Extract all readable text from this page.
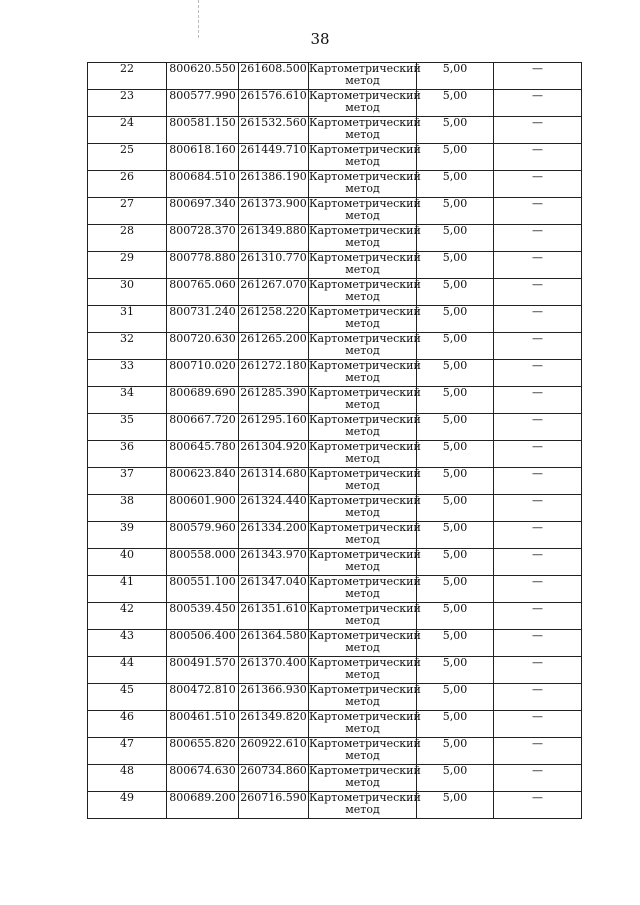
38
22	800620.550	261608.500	Картометрический
метод	5,00	—
23	800577.990	261576.610	Картометрический
метод	5,00	—
24	800581.150	261532.560	Картометрический
метод	5,00	—
25	800618.160	261449.710	Картометрический
метод	5,00	—
26	800684.510	261386.190	Картометрический
метод	5,00	—
27	800697.340	261373.900	Картометрический
метод	5,00	—
28	800728.370	261349.880	Картометрический
метод	5,00	—
29	800778.880	261310.770	Картометрический
метод	5,00	—
30	800765.060	261267.070	Картометрический
метод	5,00	—
31	800731.240	261258.220	Картометрический
метод	5,00	—
32	800720.630	261265.200	Картометрический
метод	5,00	—
33	800710.020	261272.180	Картометрический
метод	5,00	—
34	800689.690	261285.390	Картометрический
метод	5,00	—
35	800667.720	261295.160	Картометрический
метод	5,00	—
36	800645.780	261304.920	Картометрический
метод	5,00	—
37	800623.840	261314.680	Картометрический
метод	5,00	—
38	800601.900	261324.440	Картометрический
метод	5,00	—
39	800579.960	261334.200	Картометрический
метод	5,00	—
40	800558.000	261343.970	Картометрический
метод	5,00	—
41	800551.100	261347.040	Картометрический
метод	5,00	—
42	800539.450	261351.610	Картометрический
метод	5,00	—
43	800506.400	261364.580	Картометрический
метод	5,00	—
44	800491.570	261370.400	Картометрический
метод	5,00	—
45	800472.810	261366.930	Картометрический
метод	5,00	—
46	800461.510	261349.820	Картометрический
метод	5,00	—
47	800655.820	260922.610	Картометрический
метод	5,00	—
48	800674.630	260734.860	Картометрический
метод	5,00	—
49	800689.200	260716.590	Картометрический
метод	5,00	—
